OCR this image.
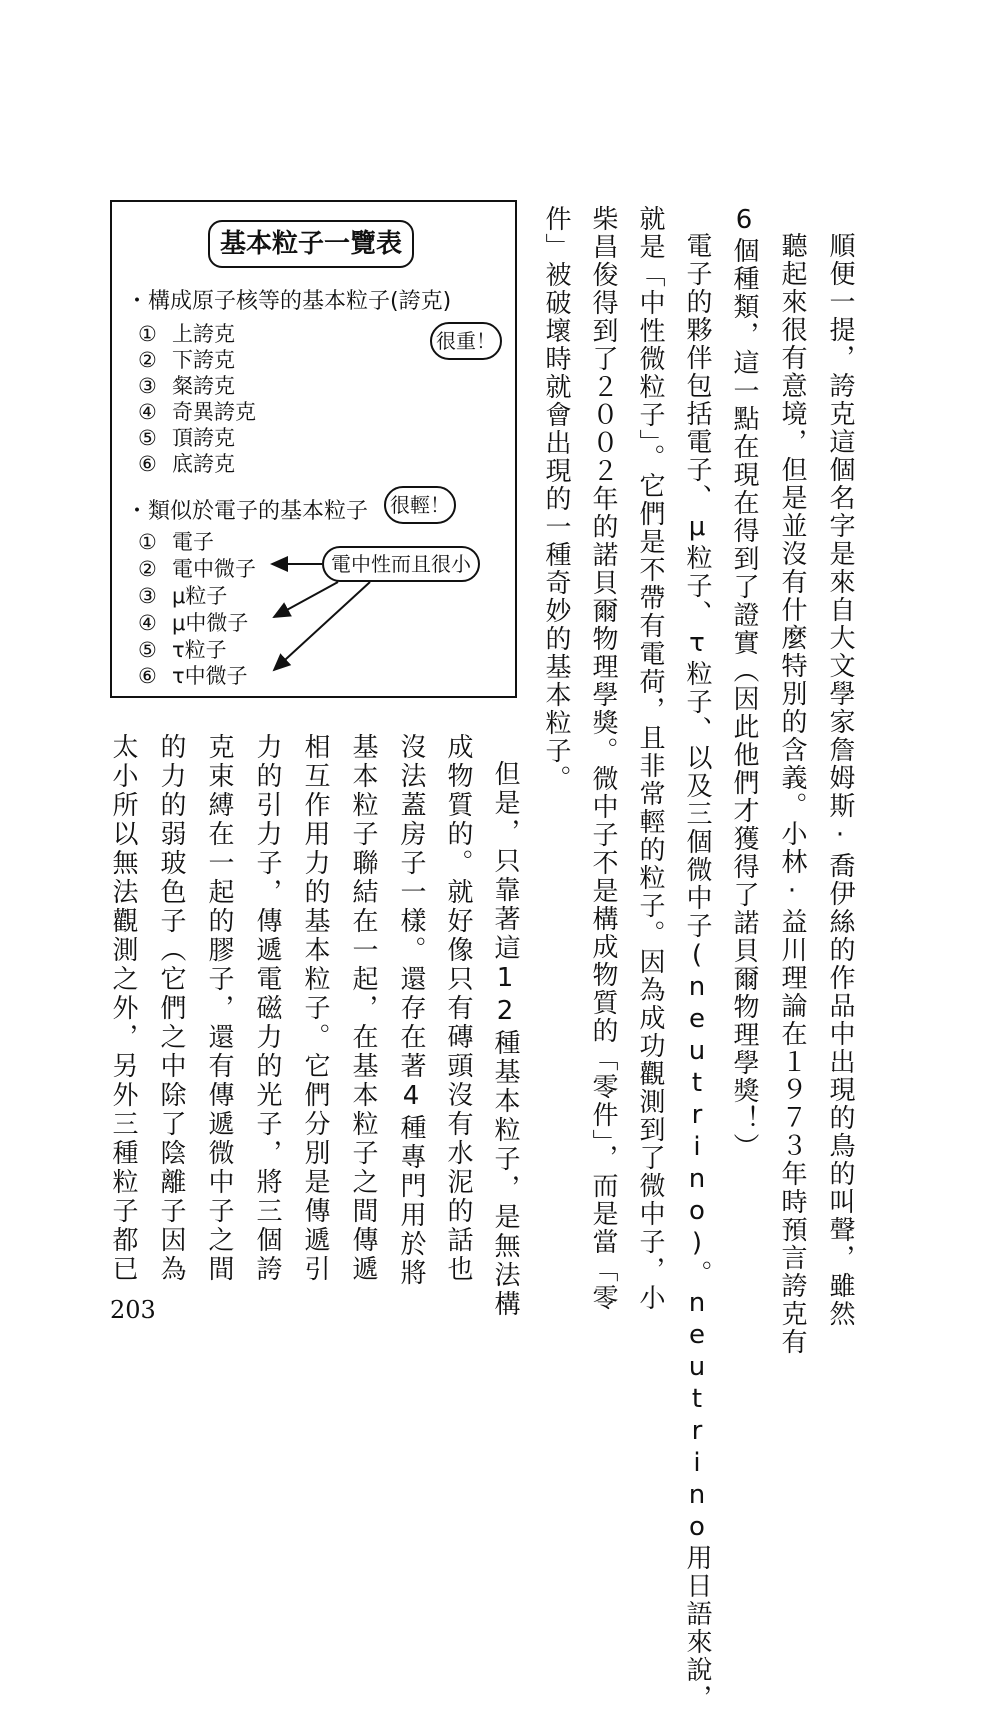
順便一提，誇克這個名字是來自大文學家詹姆斯·喬伊絲的作品中出現的鳥的叫聲，雖然
聽起來很有意境，但是並沒有什麼特別的含義。小林·益川理論在１９７３年時預言誇克有
6個種類，這一點在現在得到了證實（因此他們才獲得了諾貝爾物理學獎！）
電子的夥伴包括電子、μ粒子、τ粒子、以及三個微中子(neutrino)。neutrino用日語來說，
就是「中性微粒子」。它們是不帶有電荷，且非常輕的粒子。因為成功觀測到了微中子，小
柴昌俊得到了２００２年的諾貝爾物理學獎。微中子不是構成物質的「零件」，而是當「零
件」被破壞時就會出現的一種奇妙的基本粒子。
但是，只靠著這12種基本粒子，是無法構
成物質的。就好像只有磚頭沒有水泥的話也
沒法蓋房子一樣。還存在著4種專門用於將
基本粒子聯結在一起，在基本粒子之間傳遞
相互作用力的基本粒子。它們分別是傳遞引
力的引力子，傳遞電磁力的光子，將三個誇
克束縛在一起的膠子，還有傳遞微中子之間
的力的弱玻色子（它們之中除了陰離子因為
太小所以無法觀測之外，另外三種粒子都已
基本粒子一覽表
・構成原子核等的基本粒子(誇克)
很重！
① 上誇克
② 下誇克
③ 粲誇克
④ 奇異誇克
⑤ 頂誇克
⑥ 底誇克
・類似於電子的基本粒子	很輕！
① 電子
② 電中微子
③ μ粒子
④ μ中微子
⑤ τ粒子
⑥ τ中微子
電中性而且很小
203
